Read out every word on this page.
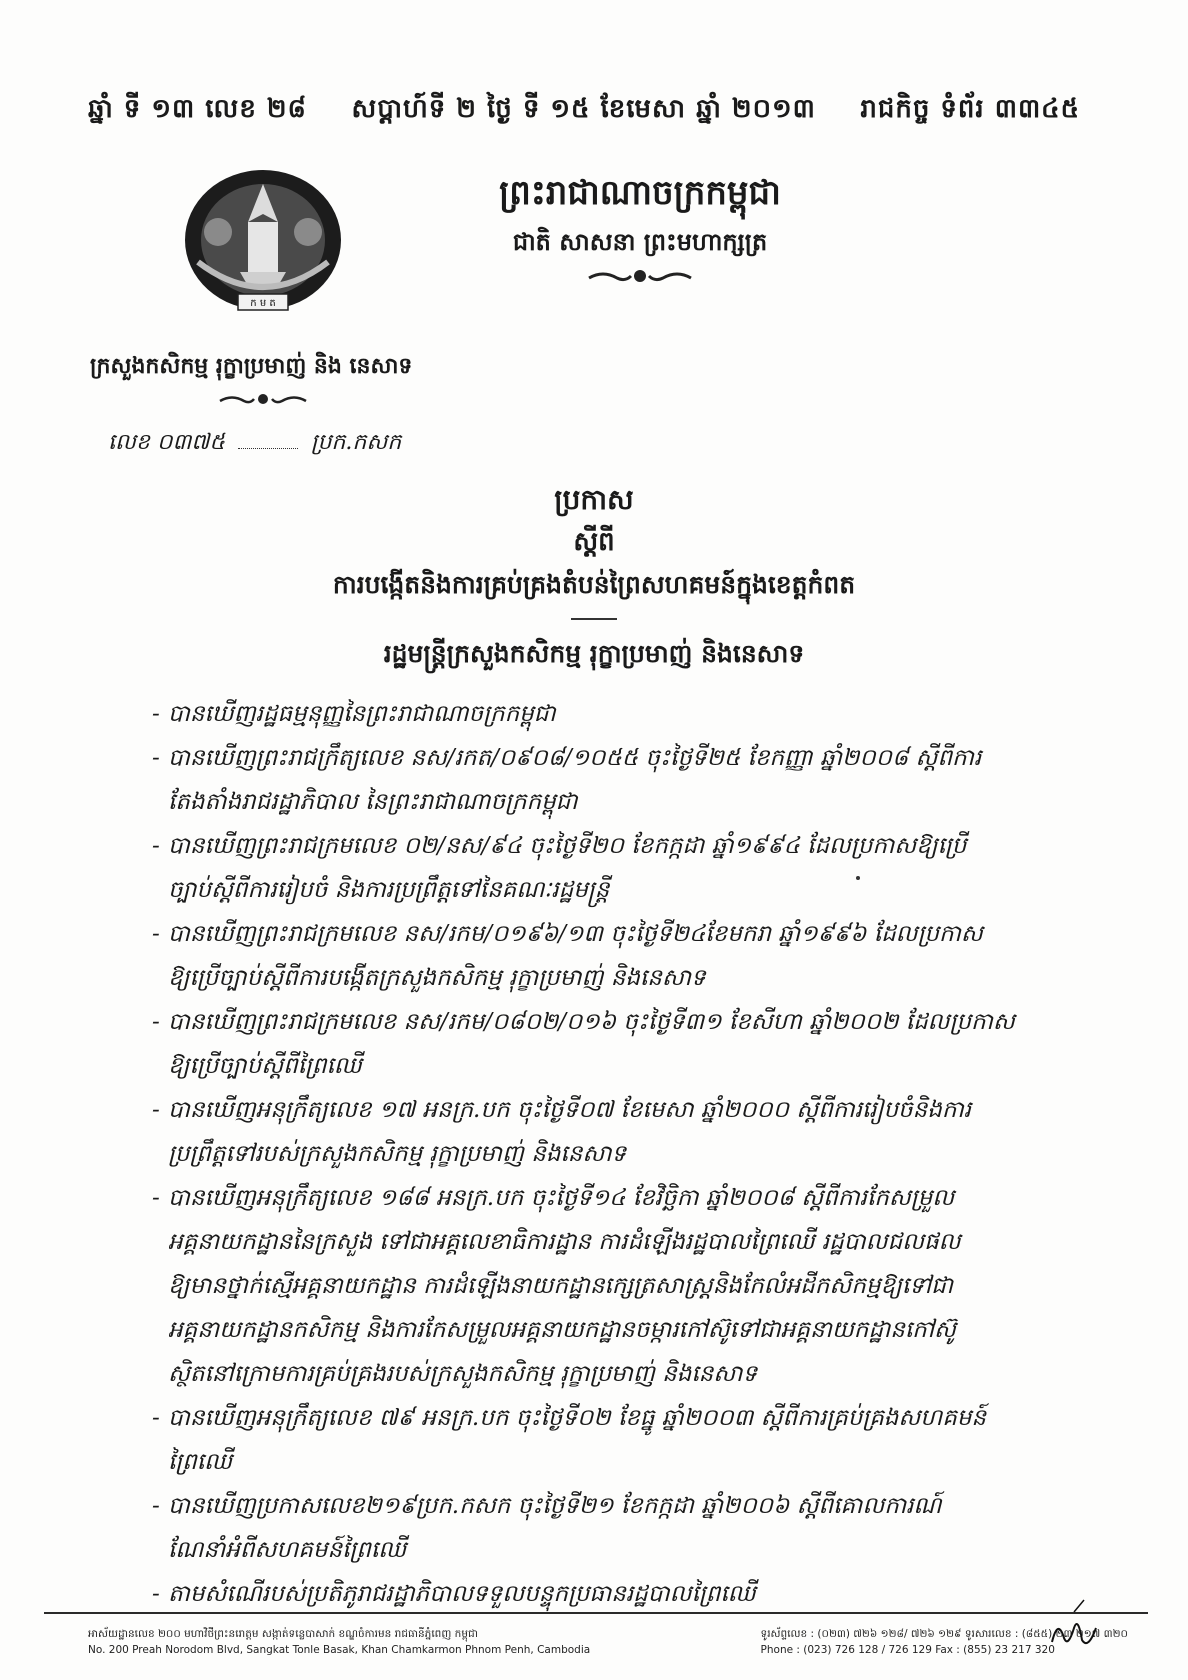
ឆ្នាំ ទី ១៣ លេខ ២៨ សប្តាហ៍ទី ២ ថ្ងៃ ទី ១៥ ខែមេសា ឆ្នាំ ២០១៣ រាជកិច្ច ទំព័រ ៣៣៤៥
ក ម ត
ព្រះរាជាណាចក្រកម្ពុជា
ជាតិ សាសនា ព្រះមហាក្សត្រ
ក្រសួងកសិកម្ម រុក្ខាប្រមាញ់ និង នេសាទ
លេខ ០៣៧៥	ប្រក.កសក
ប្រកាស
ស្តីពី
ការបង្កើតនិងការគ្រប់គ្រងតំបន់ព្រៃសហគមន៍ក្នុងខេត្តកំពត
រដ្ឋមន្ត្រីក្រសួងកសិកម្ម រុក្ខាប្រមាញ់ និងនេសាទ
- បានឃើញរដ្ឋធម្មនុញ្ញនៃព្រះរាជាណាចក្រកម្ពុជា
- បានឃើញព្រះរាជក្រឹត្យលេខ នស/រកត/០៩០៨/១០៥៥ ចុះថ្ងៃទី២៥ ខែកញ្ញា ឆ្នាំ២០០៨ ស្តីពីការ
តែងតាំងរាជរដ្ឋាភិបាល នៃព្រះរាជាណាចក្រកម្ពុជា
- បានឃើញព្រះរាជក្រមលេខ ០២/នស/៩៤ ចុះថ្ងៃទី២០ ខែកក្កដា ឆ្នាំ១៩៩៤ ដែលប្រកាសឱ្យប្រើ
ច្បាប់ស្តីពីការរៀបចំ និងការប្រព្រឹត្តទៅនៃគណៈរដ្ឋមន្ត្រី
- បានឃើញព្រះរាជក្រមលេខ នស/រកម/០១៩៦/១៣ ចុះថ្ងៃទី២៤ខែមករា ឆ្នាំ១៩៩៦ ដែលប្រកាស
ឱ្យប្រើច្បាប់ស្តីពីការបង្កើតក្រសួងកសិកម្ម រុក្ខាប្រមាញ់ និងនេសាទ
- បានឃើញព្រះរាជក្រមលេខ នស/រកម/០៨០២/០១៦ ចុះថ្ងៃទី៣១ ខែសីហា ឆ្នាំ២០០២ ដែលប្រកាស
ឱ្យប្រើច្បាប់ស្តីពីព្រៃឈើ
- បានឃើញអនុក្រឹត្យលេខ ១៧ អនក្រ.បក ចុះថ្ងៃទី០៧ ខែមេសា ឆ្នាំ២០០០ ស្តីពីការរៀបចំនិងការ
ប្រព្រឹត្តទៅរបស់ក្រសួងកសិកម្ម រុក្ខាប្រមាញ់ និងនេសាទ
- បានឃើញអនុក្រឹត្យលេខ ១៨៨ អនក្រ.បក ចុះថ្ងៃទី១៤ ខែវិច្ឆិកា ឆ្នាំ២០០៨ ស្តីពីការកែសម្រួល
អគ្គនាយកដ្ឋាននៃក្រសួង ទៅជាអគ្គលេខាធិការដ្ឋាន ការដំឡើងរដ្ឋបាលព្រៃឈើ រដ្ឋបាលជលផល
ឱ្យមានថ្នាក់ស្មើអគ្គនាយកដ្ឋាន ការដំឡើងនាយកដ្ឋានក្សេត្រសាស្ត្រនិងកែលំអដីកសិកម្មឱ្យទៅជា
អគ្គនាយកដ្ឋានកសិកម្ម និងការកែសម្រួលអគ្គនាយកដ្ឋានចម្ការកៅស៊ូទៅជាអគ្គនាយកដ្ឋានកៅស៊ូ
ស្ថិតនៅក្រោមការគ្រប់គ្រងរបស់ក្រសួងកសិកម្ម រុក្ខាប្រមាញ់ និងនេសាទ
- បានឃើញអនុក្រឹត្យលេខ ៧៩ អនក្រ.បក ចុះថ្ងៃទី០២ ខែធ្នូ ឆ្នាំ២០០៣ ស្តីពីការគ្រប់គ្រងសហគមន៍
ព្រៃឈើ
- បានឃើញប្រកាសលេខ២១៩ប្រក.កសក ចុះថ្ងៃទី២១ ខែកក្កដា ឆ្នាំ២០០៦ ស្តីពីគោលការណ៍
ណែនាំអំពីសហគមន៍ព្រៃឈើ
- តាមសំណើរបស់ប្រតិភូរាជរដ្ឋាភិបាលទទួលបន្ទុកប្រធានរដ្ឋបាលព្រៃឈើ
អាស័យដ្ឋានលេខ ២០០ មហាវិថីព្រះនរោត្តម សង្កាត់ទន្លេបាសាក់ ខណ្ឌចំការមន រាជធានីភ្នំពេញ កម្ពុជា
No. 200 Preah Norodom Blvd, Sangkat Tonle Basak, Khan Chamkarmon Phnom Penh, Cambodia
ទូរស័ព្ទលេខ : (០២៣) ៧២៦ ១២៨/ ៧២៦ ១២៩ ទូរសារលេខ : (៨៥៥) ២៣ ២១៧ ៣២០
Phone : (023) 726 128 / 726 129 Fax : (855) 23 217 320
